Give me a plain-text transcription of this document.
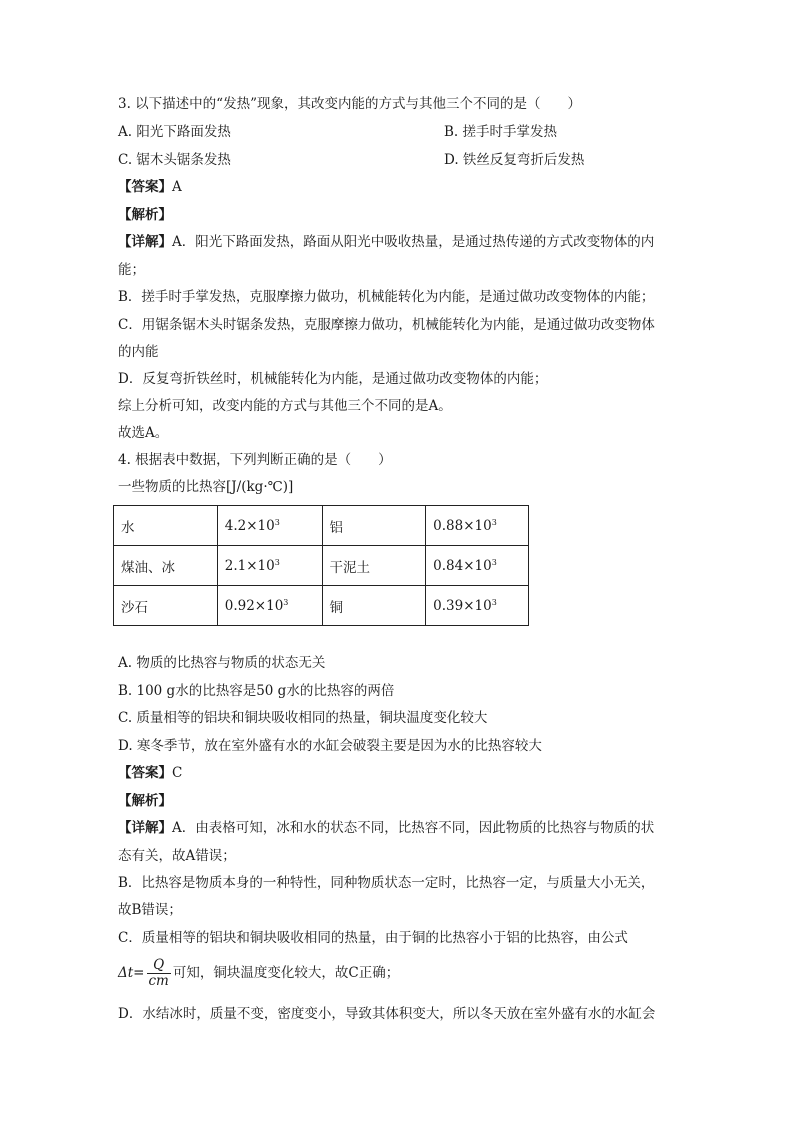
3. 以下描述中的“发热”现象，其改变内能的方式与其他三个不同的是（　　）
A. 阳光下路面发热	B. 搓手时手掌发热
C. 锯木头锯条发热	D. 铁丝反复弯折后发热
【答案】A
【解析】
【详解】A．阳光下路面发热，路面从阳光中吸收热量，是通过热传递的方式改变物体的内
能；
B．搓手时手掌发热，克服摩擦力做功，机械能转化为内能，是通过做功改变物体的内能；
C．用锯条锯木头时锯条发热，克服摩擦力做功，机械能转化为内能，是通过做功改变物体
的内能
D．反复弯折铁丝时，机械能转化为内能，是通过做功改变物体的内能；
综上分析可知，改变内能的方式与其他三个不同的是A。
故选A。
4. 根据表中数据，下列判断正确的是（　　）
一些物质的比热容[J/(kg·℃)]
水	$4.2\times 10^3$	铝	$0.88\times 10^3$
煤油、冰	$2.1\times 10^3$	干泥土	$0.84\times 10^3$
沙石	$0.92\times 10^3$	铜	$0.39\times 10^3$
A. 物质的比热容与物质的状态无关
B. 100 g水的比热容是50 g水的比热容的两倍
C. 质量相等的铝块和铜块吸收相同的热量，铜块温度变化较大
D. 寒冬季节，放在室外盛有水的水缸会破裂主要是因为水的比热容较大
【答案】C
【解析】
【详解】A．由表格可知，冰和水的状态不同，比热容不同，因此物质的比热容与物质的状
态有关，故A错误；
B．比热容是物质本身的一种特性，同种物质状态一定时，比热容一定，与质量大小无关，
故B错误；
C．质量相等的铝块和铜块吸收相同的热量，由于铜的比热容小于铝的比热容，由公式
$\Delta t= \frac{Q}{cm}$ 可知，铜块温度变化较大，故C正确；
D．水结冰时，质量不变，密度变小，导致其体积变大，所以冬天放在室外盛有水的水缸会
